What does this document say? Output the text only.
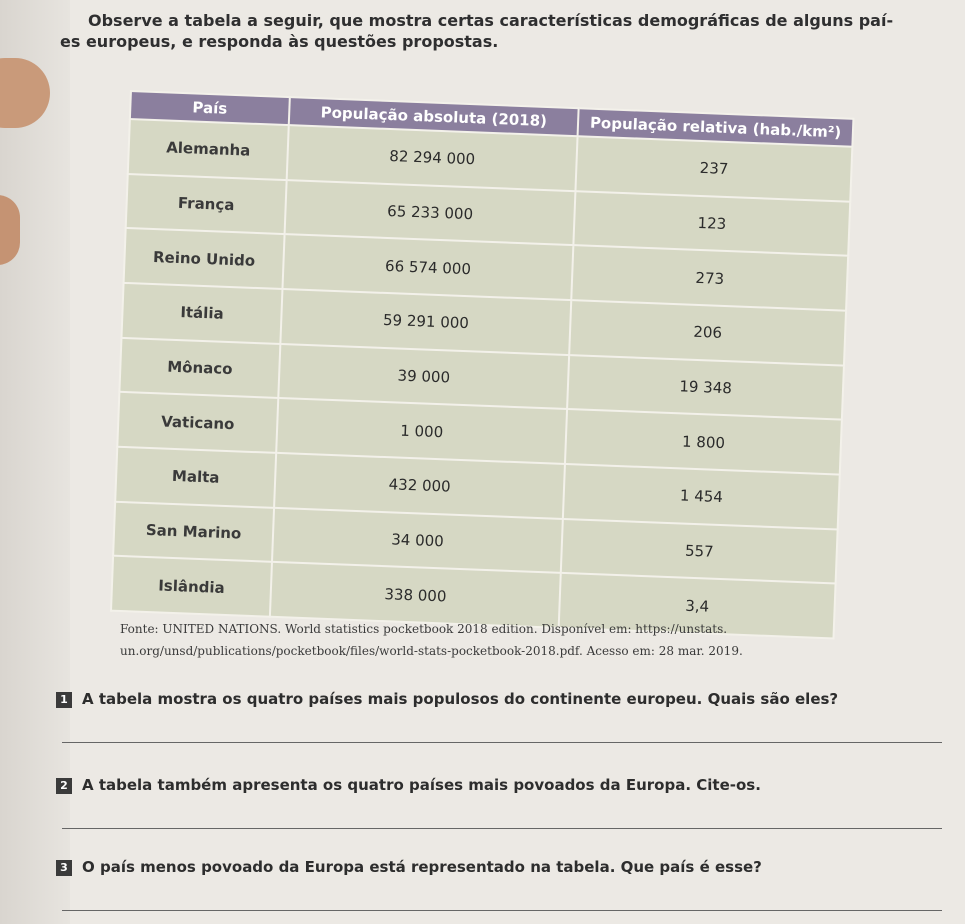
Observe a tabela a seguir, que mostra certas características demográficas de alguns paí-
es europeus, e responda às questões propostas.
País	População absoluta (2018)	População relativa (hab./km²)
Alemanha	82 294 000	237
França	65 233 000	123
Reino Unido	66 574 000	273
Itália	59 291 000	206
Mônaco	39 000	19 348
Vaticano	1 000	1 800
Malta	432 000	1 454
San Marino	34 000	557
Islândia	338 000	3,4
Fonte: UNITED NATIONS. World statistics pocketbook 2018 edition. Disponível em: https://unstats.
un.org/unsd/publications/pocketbook/files/world-stats-pocketbook-2018.pdf. Acesso em: 28 mar. 2019.
1 A tabela mostra os quatro países mais populosos do continente europeu. Quais são eles?
2 A tabela também apresenta os quatro países mais povoados da Europa. Cite-os.
3 O país menos povoado da Europa está representado na tabela. Que país é esse?
